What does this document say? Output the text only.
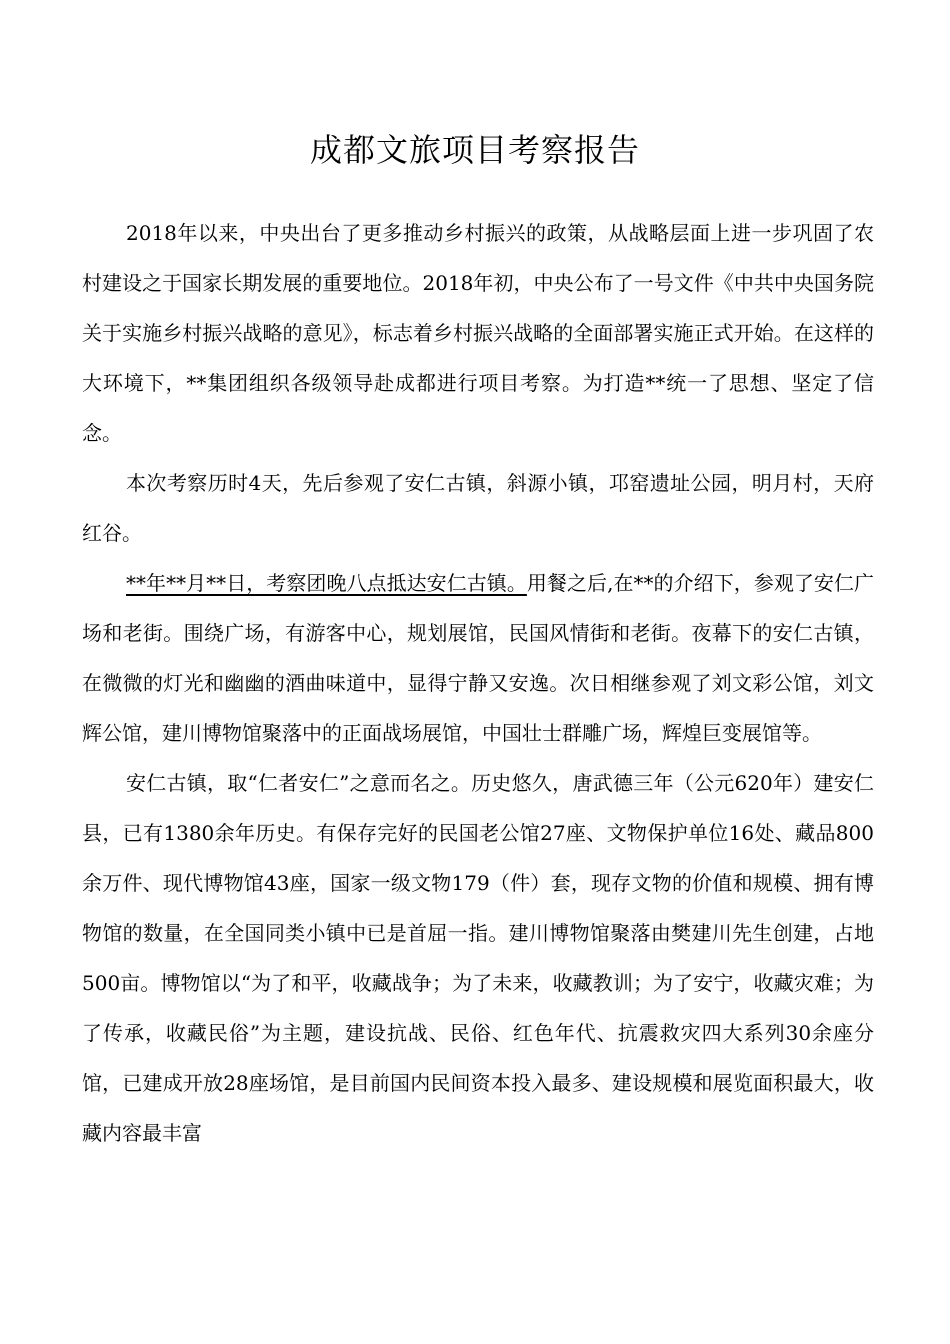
成都文旅项目考察报告

2018年以来，中央出台了更多推动乡村振兴的政策，从战略层面上进一步巩固了农村建设之于国家长期发展的重要地位。2018年初，中央公布了一号文件《中共中央国务院关于实施乡村振兴战略的意见》，标志着乡村振兴战略的全面部署实施正式开始。在这样的大环境下，**集团组织各级领导赴成都进行项目考察。为打造**统一了思想、坚定了信念。

本次考察历时4天，先后参观了安仁古镇，斜源小镇，邛窑遗址公园，明月村，天府红谷。

**年**月**日，考察团晚八点抵达安仁古镇。用餐之后,在**的介绍下，参观了安仁广场和老街。围绕广场，有游客中心，规划展馆，民国风情街和老街。夜幕下的安仁古镇，在微微的灯光和幽幽的酒曲味道中，显得宁静又安逸。次日相继参观了刘文彩公馆，刘文辉公馆，建川博物馆聚落中的正面战场展馆，中国壮士群雕广场，辉煌巨变展馆等。

安仁古镇，取“仁者安仁”之意而名之。历史悠久，唐武德三年（公元620年）建安仁县，已有1380余年历史。有保存完好的民国老公馆27座、文物保护单位16处、藏品800余万件、现代博物馆43座，国家一级文物179（件）套，现存文物的价值和规模、拥有博物馆的数量，在全国同类小镇中已是首屈一指。建川博物馆聚落由樊建川先生创建，占地500亩。博物馆以“为了和平，收藏战争；为了未来，收藏教训；为了安宁，收藏灾难；为了传承，收藏民俗”为主题，建设抗战、民俗、红色年代、抗震救灾四大系列30余座分馆，已建成开放28座场馆，是目前国内民间资本投入最多、建设规模和展览面积最大，收藏内容最丰富
